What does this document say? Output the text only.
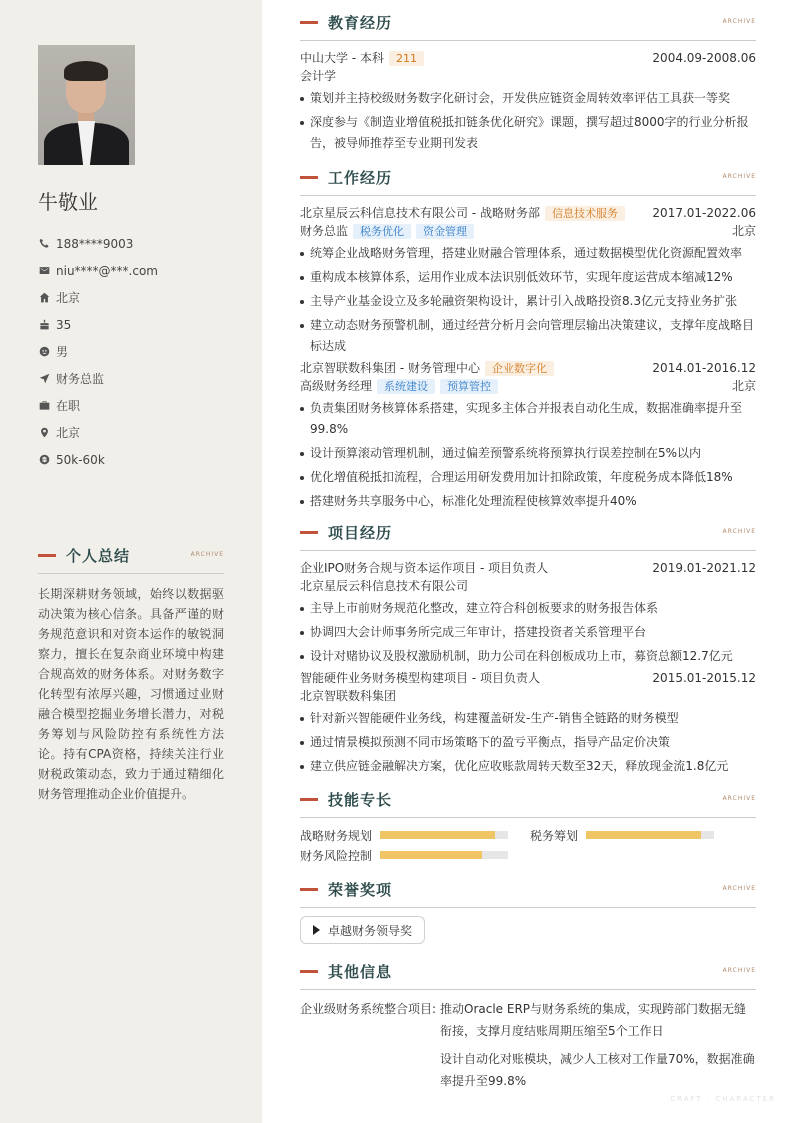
牛敬业
188****9003
niu****@***.com
北京
35
男
财务总监
在职
北京
50k-60k
个人总结	ARCHIVE
长期深耕财务领域，始终以数据驱动决策为核心信条。具备严谨的财务规范意识和对资本运作的敏锐洞察力，擅长在复杂商业环境中构建合规高效的财务体系。对财务数字化转型有浓厚兴趣，习惯通过业财融合模型挖掘业务增长潜力，对税务筹划与风险防控有系统性方法论。持有CPA资格，持续关注行业财税政策动态，致力于通过精细化财务管理推动企业价值提升。
教育经历	ARCHIVE
中山大学 - 本科	211	2004.09-2008.06
会计学
策划并主持校级财务数字化研讨会，开发供应链资金周转效率评估工具获一等奖
深度参与《制造业增值税抵扣链条优化研究》课题，撰写超过8000字的行业分析报告，被导师推荐至专业期刊发表
工作经历	ARCHIVE
北京星辰云科信息技术有限公司 - 战略财务部	信息技术服务	2017.01-2022.06
财务总监	税务优化	资金管理	北京
统筹企业战略财务管理，搭建业财融合管理体系，通过数据模型优化资源配置效率
重构成本核算体系，运用作业成本法识别低效环节，实现年度运营成本缩减12%
主导产业基金设立及多轮融资架构设计，累计引入战略投资8.3亿元支持业务扩张
建立动态财务预警机制，通过经营分析月会向管理层输出决策建议，支撑年度战略目标达成
北京智联数科集团 - 财务管理中心	企业数字化	2014.01-2016.12
高级财务经理	系统建设	预算管控	北京
负责集团财务核算体系搭建，实现多主体合并报表自动化生成，数据准确率提升至99.8%
设计预算滚动管理机制，通过偏差预警系统将预算执行误差控制在5%以内
优化增值税抵扣流程，合理运用研发费用加计扣除政策，年度税务成本降低18%
搭建财务共享服务中心，标准化处理流程使核算效率提升40%
项目经历	ARCHIVE
企业IPO财务合规与资本运作项目 - 项目负责人	2019.01-2021.12
北京星辰云科信息技术有限公司
主导上市前财务规范化整改，建立符合科创板要求的财务报告体系
协调四大会计师事务所完成三年审计，搭建投资者关系管理平台
设计对赌协议及股权激励机制，助力公司在科创板成功上市，募资总额12.7亿元
智能硬件业务财务模型构建项目 - 项目负责人	2015.01-2015.12
北京智联数科集团
针对新兴智能硬件业务线，构建覆盖研发-生产-销售全链路的财务模型
通过情景模拟预测不同市场策略下的盈亏平衡点，指导产品定价决策
建立供应链金融解决方案，优化应收账款周转天数至32天，释放现金流1.8亿元
技能专长	ARCHIVE
战略财务规划	税务筹划
财务风险控制
荣誉奖项	ARCHIVE
卓越财务领导奖
其他信息	ARCHIVE
企业级财务系统整合项目: 推动Oracle ERP与财务系统的集成，实现跨部门数据无缝衔接，支撑月度结账周期压缩至5个工作日

设计自动化对账模块，减少人工核对工作量70%，数据准确率提升至99.8%

CRAFT · CHARACTER
